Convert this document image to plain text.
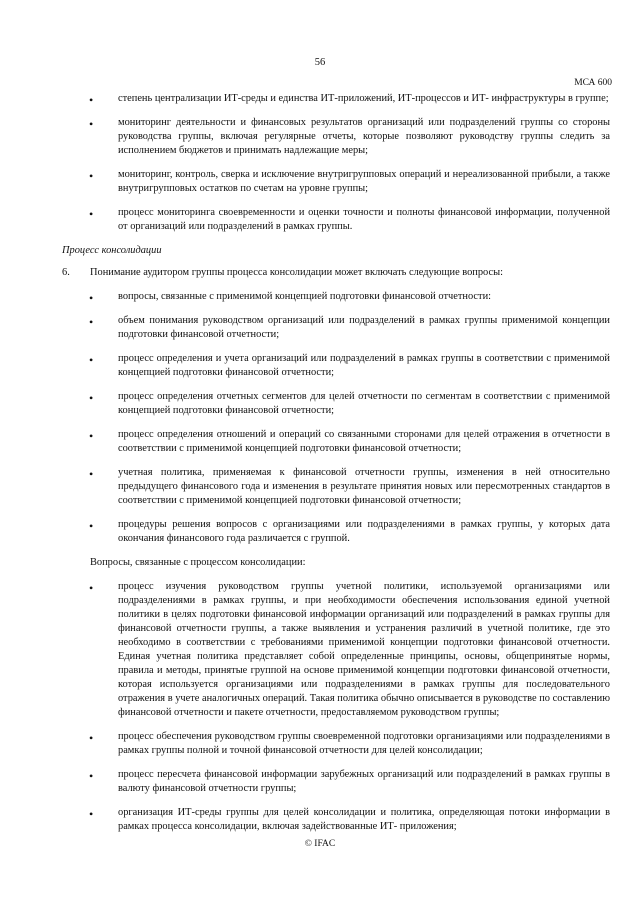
56
МСА 600
• степень централизации ИТ-среды и единства ИТ-приложений, ИТ-процессов и ИТ- инфраструктуры в группе;
• мониторинг деятельности и финансовых результатов организаций или подразделений группы со стороны руководства группы, включая регулярные отчеты, которые позволяют руководству группы следить за исполнением бюджетов и принимать надлежащие меры;
• мониторинг, контроль, сверка и исключение внутригрупповых операций и нереализованной прибыли, а также внутригрупповых остатков по счетам на уровне группы;
• процесс мониторинга своевременности и оценки точности и полноты финансовой информации, полученной от организаций или подразделений в рамках группы.
Процесс консолидации
6. Понимание аудитором группы процесса консолидации может включать следующие вопросы:
• вопросы, связанные с применимой концепцией подготовки финансовой отчетности:
• объем понимания руководством организаций или подразделений в рамках группы применимой концепции подготовки финансовой отчетности;
• процесс определения и учета организаций или подразделений в рамках группы в соответствии с применимой концепцией подготовки финансовой отчетности;
• процесс определения отчетных сегментов для целей отчетности по сегментам в соответствии с применимой концепцией подготовки финансовой отчетности;
• процесс определения отношений и операций со связанными сторонами для целей отражения в отчетности в соответствии с применимой концепцией подготовки финансовой отчетности;
• учетная политика, применяемая к финансовой отчетности группы, изменения в ней относительно предыдущего финансового года и изменения в результате принятия новых или пересмотренных стандартов в соответствии с применимой концепцией подготовки финансовой отчетности;
• процедуры решения вопросов с организациями или подразделениями в рамках группы, у которых дата окончания финансового года различается с группой.
Вопросы, связанные с процессом консолидации:
• процесс изучения руководством группы учетной политики, используемой организациями или подразделениями в рамках группы, и при необходимости обеспечения использования единой учетной политики в целях подготовки финансовой информации организаций или подразделений в рамках группы для финансовой отчетности группы, а также выявления и устранения различий в учетной политике, где это необходимо в соответствии с требованиями применимой концепции подготовки финансовой отчетности. Единая учетная политика представляет собой определенные принципы, основы, общепринятые нормы, правила и методы, принятые группой на основе применимой концепции подготовки финансовой отчетности, которая используется организациями или подразделениями в рамках группы для последовательного отражения в учете аналогичных операций. Такая политика обычно описывается в руководстве по составлению финансовой отчетности и пакете отчетности, предоставляемом руководством группы;
• процесс обеспечения руководством группы своевременной подготовки организациями или подразделениями в рамках группы полной и точной финансовой отчетности для целей консолидации;
• процесс пересчета финансовой информации зарубежных организаций или подразделений в рамках группы в валюту финансовой отчетности группы;
• организация ИТ-среды группы для целей консолидации и политика, определяющая потоки информации в рамках процесса консолидации, включая задействованные ИТ- приложения;
© IFAC
